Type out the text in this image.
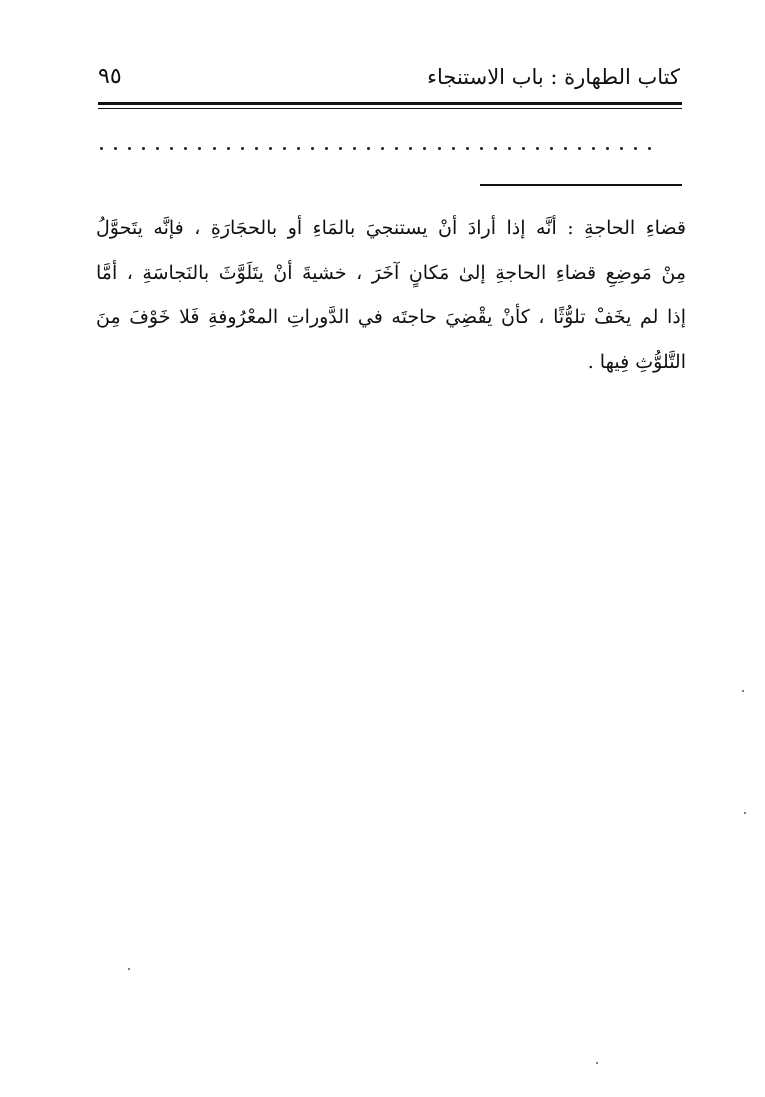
كتاب الطهارة : باب الاستنجاء
٩٥
قضاءِ الحاجةِ : أنَّه إذا أرادَ أنْ يستنجيَ بالمَاءِ أو بالحجَارَةِ ، فإنَّه يتَحوَّلُ
مِنْ مَوضِعِ قضاءِ الحاجةِ إلىٰ مَكانٍ آخَرَ ، خشيةَ أنْ يتَلَوَّثَ بالنَجاسَةِ ، أمَّا
إذا لم يخَفْ تلوُّثًا ، كأنْ يقْضِيَ حاجتَه في الدَّوراتِ المعْرُوفةِ فَلا خَوْفَ مِنَ
التَّلوُّثِ فِيها .
